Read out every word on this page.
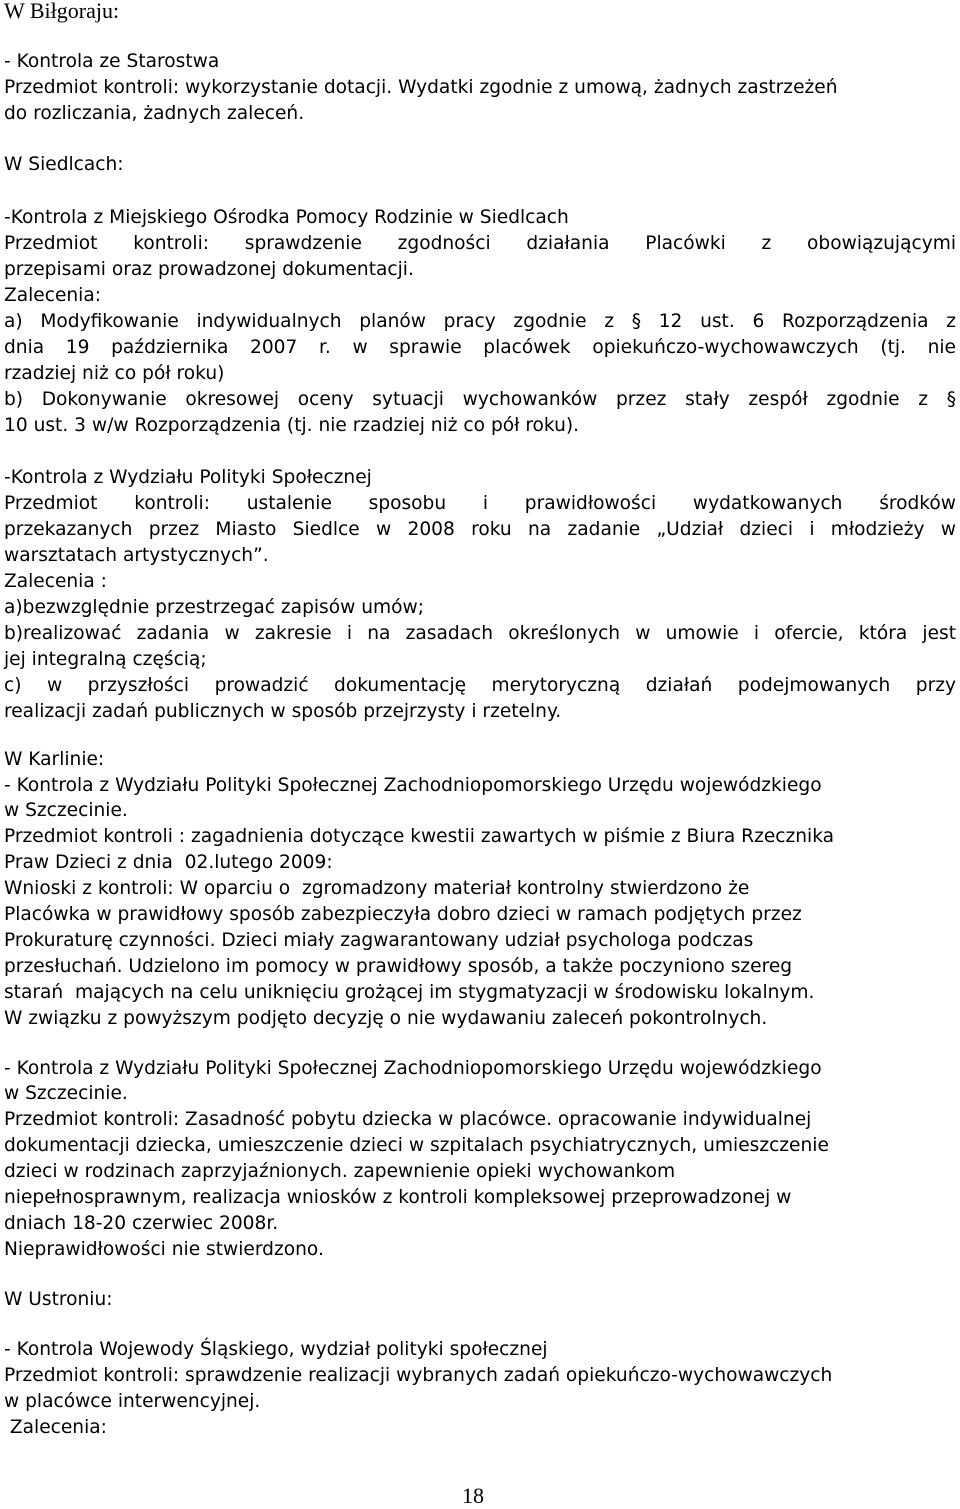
W Biłgoraju:
- Kontrola ze Starostwa
Przedmiot kontroli: wykorzystanie dotacji. Wydatki zgodnie z umową, żadnych zastrzeżeń
do rozliczania, żadnych zaleceń.
W Siedlcach:
-Kontrola z Miejskiego Ośrodka Pomocy Rodzinie w Siedlcach
Przedmiot kontroli: sprawdzenie zgodności działania Placówki z obowiązującymi
przepisami oraz prowadzonej dokumentacji.
Zalecenia:
a) Modyfikowanie indywidualnych planów pracy zgodnie z § 12 ust. 6 Rozporządzenia z
dnia 19 października 2007 r. w sprawie placówek opiekuńczo-wychowawczych (tj. nie
rzadziej niż co pół roku)
b) Dokonywanie okresowej oceny sytuacji wychowanków przez stały zespół zgodnie z §
10 ust. 3 w/w Rozporządzenia (tj. nie rzadziej niż co pół roku).
-Kontrola z Wydziału Polityki Społecznej
Przedmiot kontroli: ustalenie sposobu i prawidłowości wydatkowanych środków
przekazanych przez Miasto Siedlce w 2008 roku na zadanie „Udział dzieci i młodzieży w
warsztatach artystycznych”.
Zalecenia :
a)bezwzględnie przestrzegać zapisów umów;
b)realizować zadania w zakresie i na zasadach określonych w umowie i ofercie, która jest
jej integralną częścią;
c) w przyszłości prowadzić dokumentację merytoryczną działań podejmowanych przy
realizacji zadań publicznych w sposób przejrzysty i rzetelny.
W Karlinie:
- Kontrola z Wydziału Polityki Społecznej Zachodniopomorskiego Urzędu wojewódzkiego
w Szczecinie.
Przedmiot kontroli : zagadnienia dotyczące kwestii zawartych w piśmie z Biura Rzecznika
Praw Dzieci z dnia  02.lutego 2009:
Wnioski z kontroli: W oparciu o  zgromadzony materiał kontrolny stwierdzono że
Placówka w prawidłowy sposób zabezpieczyła dobro dzieci w ramach podjętych przez
Prokuraturę czynności. Dzieci miały zagwarantowany udział psychologa podczas
przesłuchań. Udzielono im pomocy w prawidłowy sposób, a także poczyniono szereg
starań  mających na celu uniknięciu grożącej im stygmatyzacji w środowisku lokalnym.
W związku z powyższym podjęto decyzję o nie wydawaniu zaleceń pokontrolnych.
- Kontrola z Wydziału Polityki Społecznej Zachodniopomorskiego Urzędu wojewódzkiego
w Szczecinie.
Przedmiot kontroli: Zasadność pobytu dziecka w placówce. opracowanie indywidualnej
dokumentacji dziecka, umieszczenie dzieci w szpitalach psychiatrycznych, umieszczenie
dzieci w rodzinach zaprzyjaźnionych. zapewnienie opieki wychowankom
niepełnosprawnym, realizacja wniosków z kontroli kompleksowej przeprowadzonej w
dniach 18-20 czerwiec 2008r.
Nieprawidłowości nie stwierdzono.
W Ustroniu:
- Kontrola Wojewody Śląskiego, wydział polityki społecznej
Przedmiot kontroli: sprawdzenie realizacji wybranych zadań opiekuńczo-wychowawczych
w placówce interwencyjnej.
Zalecenia:
18
